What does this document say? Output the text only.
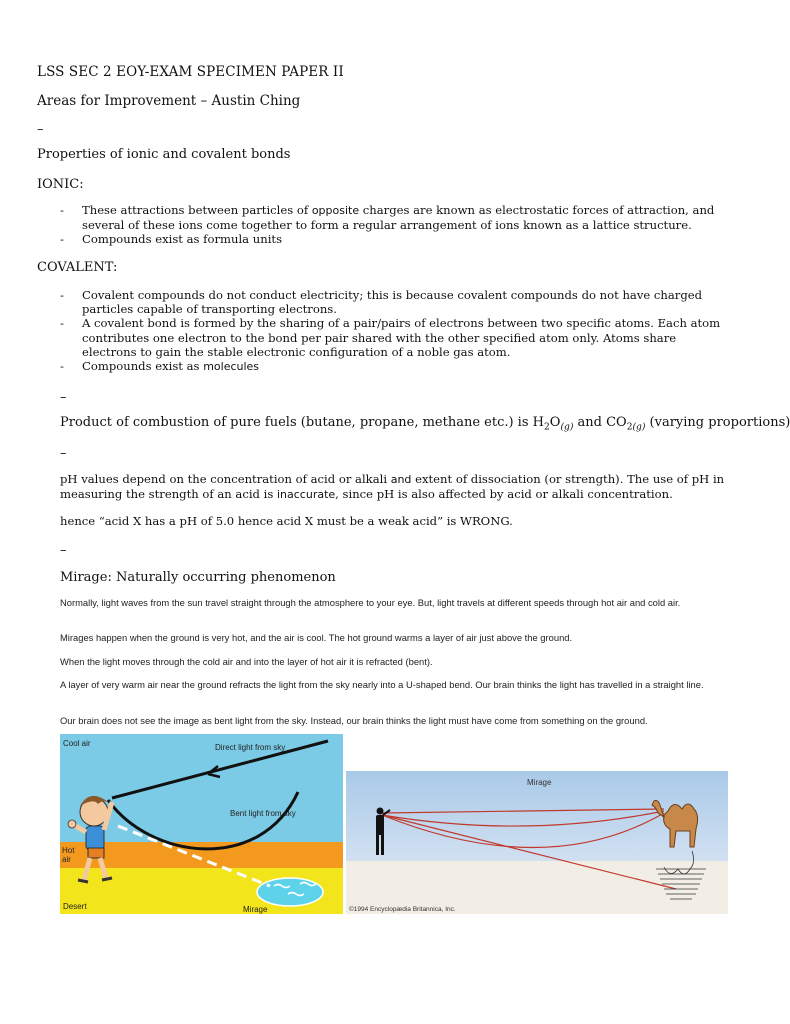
LSS SEC 2 EOY-EXAM SPECIMEN PAPER II
Areas for Improvement – Austin Ching
–
Properties of ionic and covalent bonds
IONIC:
- These attractions between particles of opposite charges are known as electrostatic forces of attraction, and several of these ions come together to form a regular arrangement of ions known as a lattice structure.
- Compounds exist as formula units
COVALENT:
- Covalent compounds do not conduct electricity; this is because covalent compounds do not have charged particles capable of transporting electrons.
- A covalent bond is formed by the sharing of a pair/pairs of electrons between two specific atoms. Each atom contributes one electron to the bond per pair shared with the other specified atom only. Atoms share electrons to gain the stable electronic configuration of a noble gas atom.
- Compounds exist as molecules
–
Product of combustion of pure fuels (butane, propane, methane etc.) is $H_2O_{(g)}$ and $CO_{2(g)}$ (varying proportions)
–
pH values depend on the concentration of acid or alkali and extent of dissociation (or strength). The use of pH in measuring the strength of an acid is inaccurate, since pH is also affected by acid or alkali concentration.
hence “acid X has a pH of 5.0 hence acid X must be a weak acid” is WRONG.
–
Mirage: Naturally occurring phenomenon
Normally, light waves from the sun travel straight through the atmosphere to your eye. But, light travels at different speeds through hot air and cold air.
Mirages happen when the ground is very hot, and the air is cool. The hot ground warms a layer of air just above the ground.
When the light moves through the cold air and into the layer of hot air it is refracted (bent).
A layer of very warm air near the ground refracts the light from the sky nearly into a U-shaped bend. Our brain thinks the light has travelled in a straight line.
Our brain does not see the image as bent light from the sky. Instead, our brain thinks the light must have come from something on the ground.
Cool air	Direct light from sky
Bent light from sky
Hot
air
Desert	Mirage
Mirage
©1994 Encyclopædia Britannica, Inc.
